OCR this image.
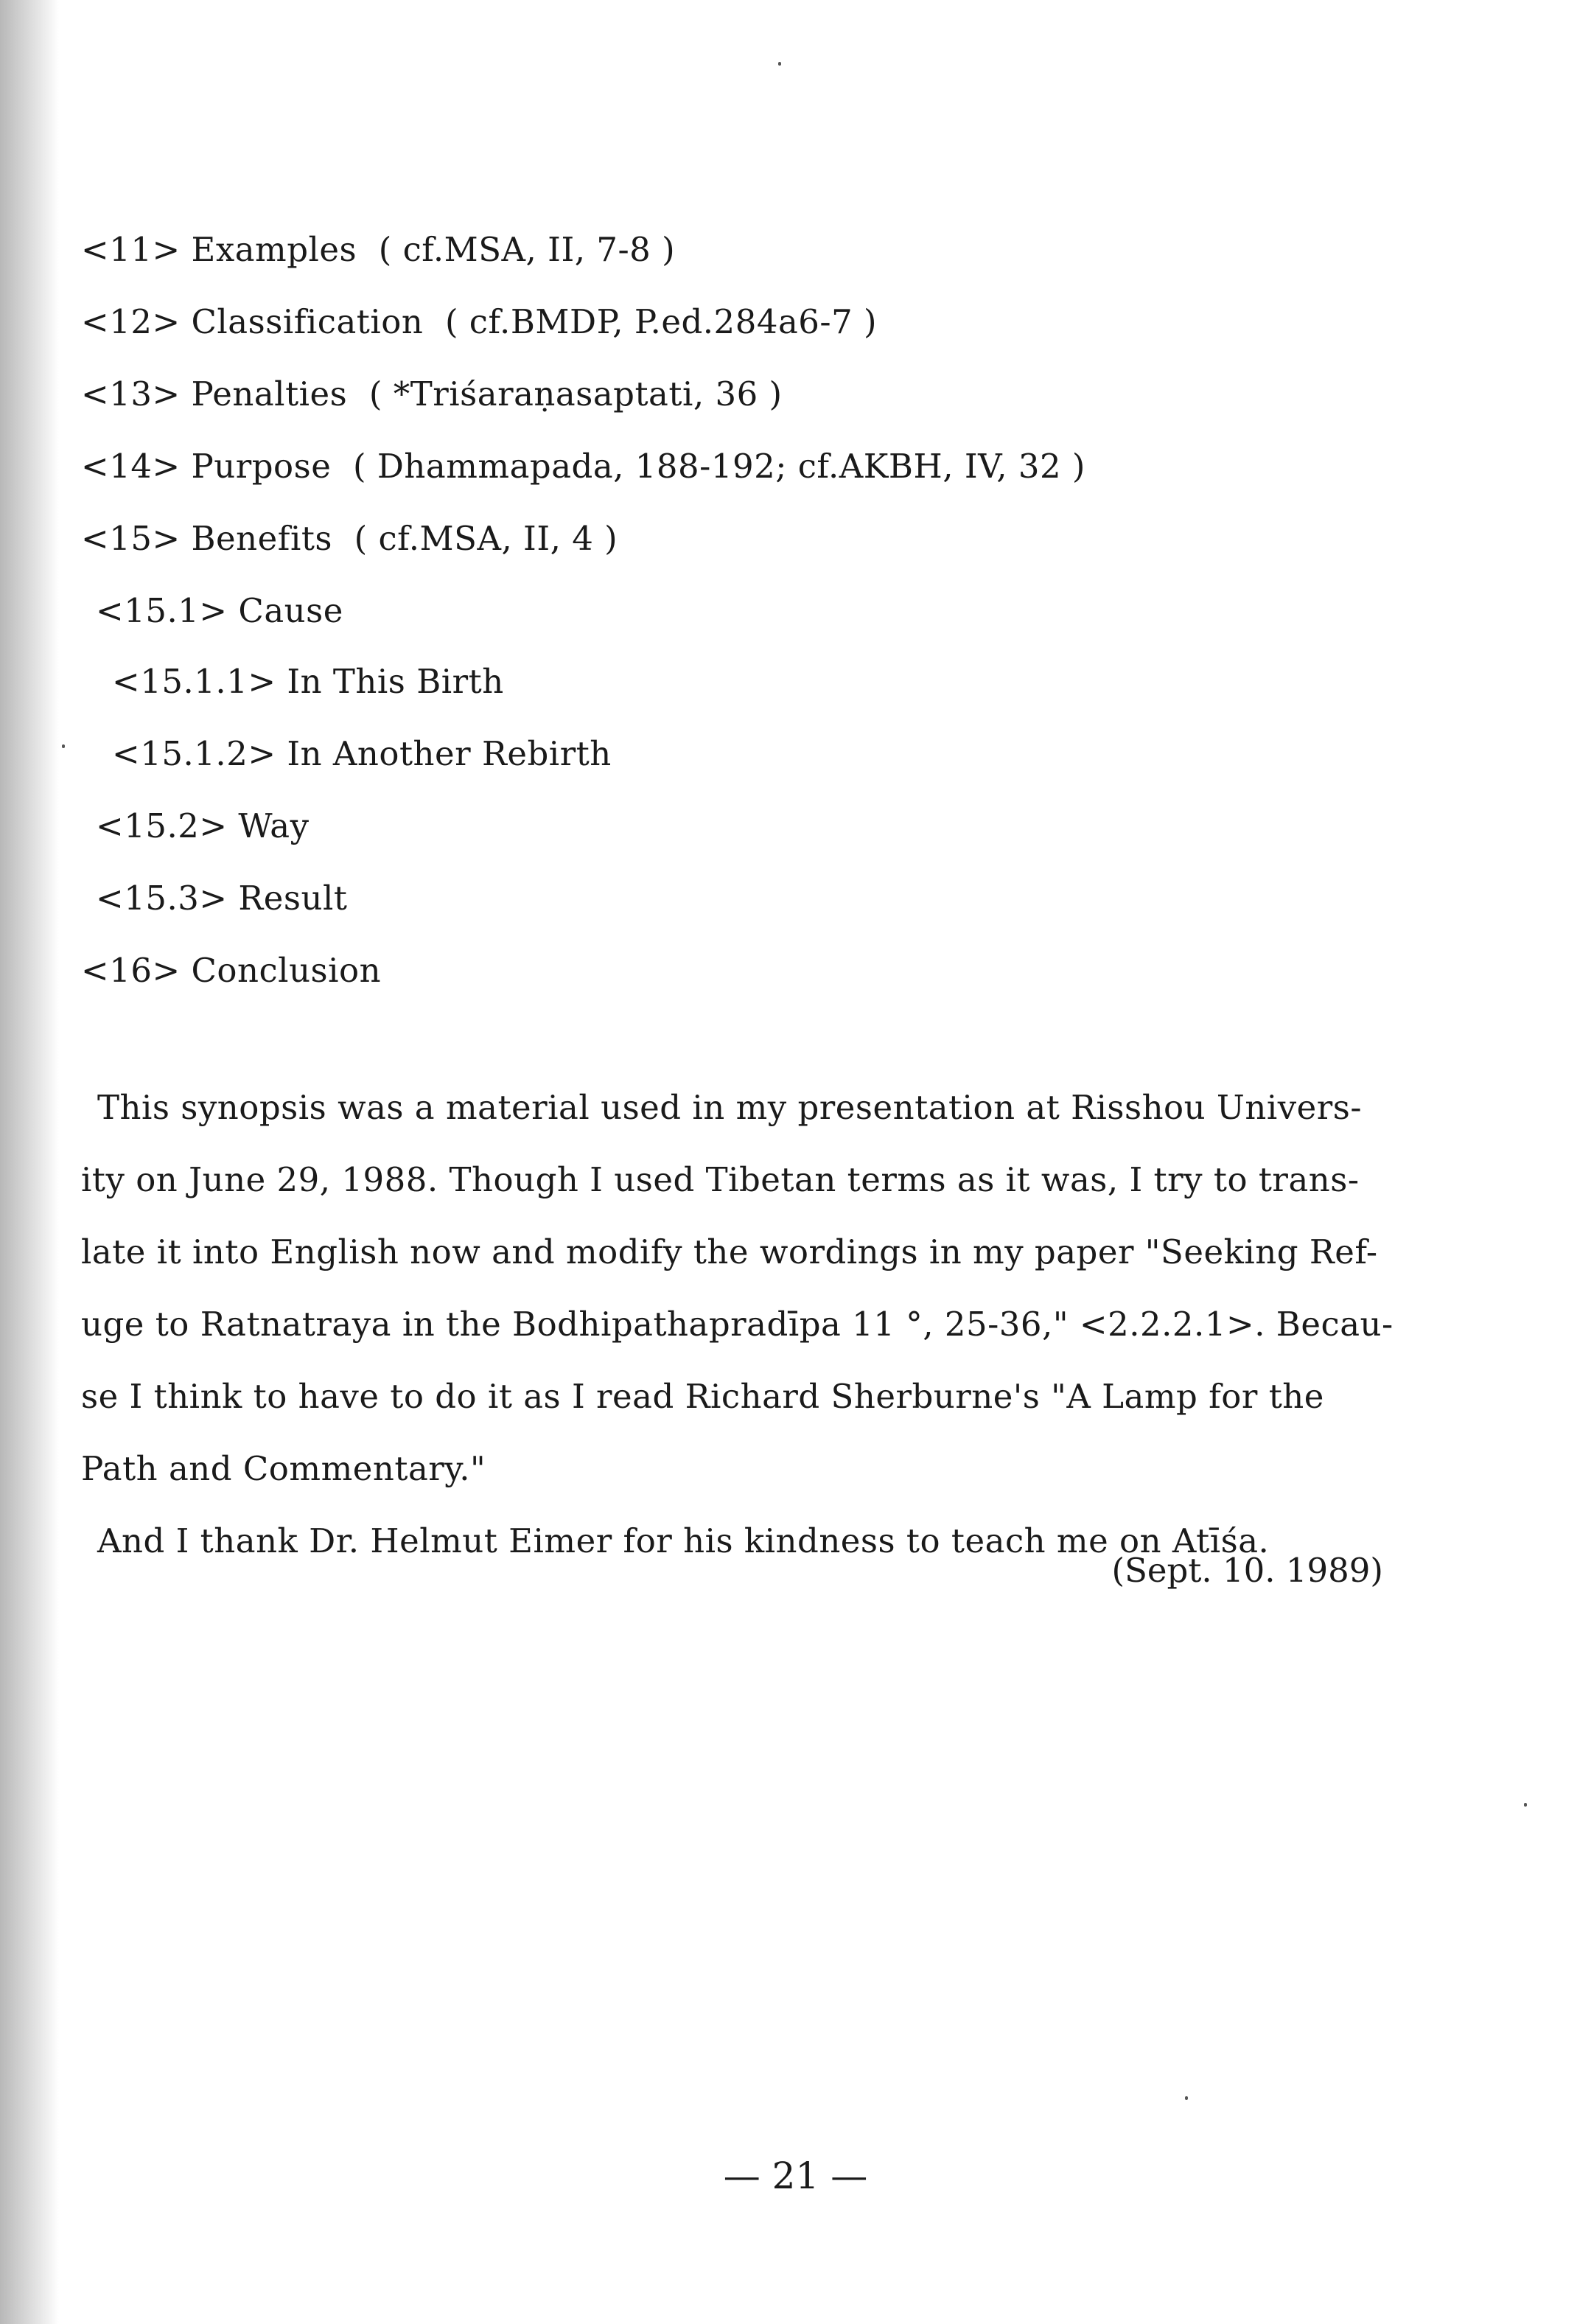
<11> Examples  ( cf.MSA, II, 7-8 )
<12> Classification  ( cf.BMDP, P.ed.284a6-7 )
<13> Penalties  ( *Triśaraṇasaptati, 36 )
<14> Purpose  ( Dhammapada, 188-192; cf.AKBH, IV, 32 )
<15> Benefits  ( cf.MSA, II, 4 )
<15.1> Cause
<15.1.1> In This Birth
<15.1.2> In Another Rebirth
<15.2> Way
<15.3> Result
<16> Conclusion
This synopsis was a material used in my presentation at Risshou Univers-
ity on June 29, 1988. Though I used Tibetan terms as it was, I try to trans-
late it into English now and modify the wordings in my paper "Seeking Ref-
uge to Ratnatraya in the Bodhipathapradīpa 11 °, 25-36," <2.2.2.1>. Becau-
se I think to have to do it as I read Richard Sherburne's "A Lamp for the
Path and Commentary."
And I thank Dr. Helmut Eimer for his kindness to teach me on Atīśa.
(Sept. 10. 1989)
— 21 —
